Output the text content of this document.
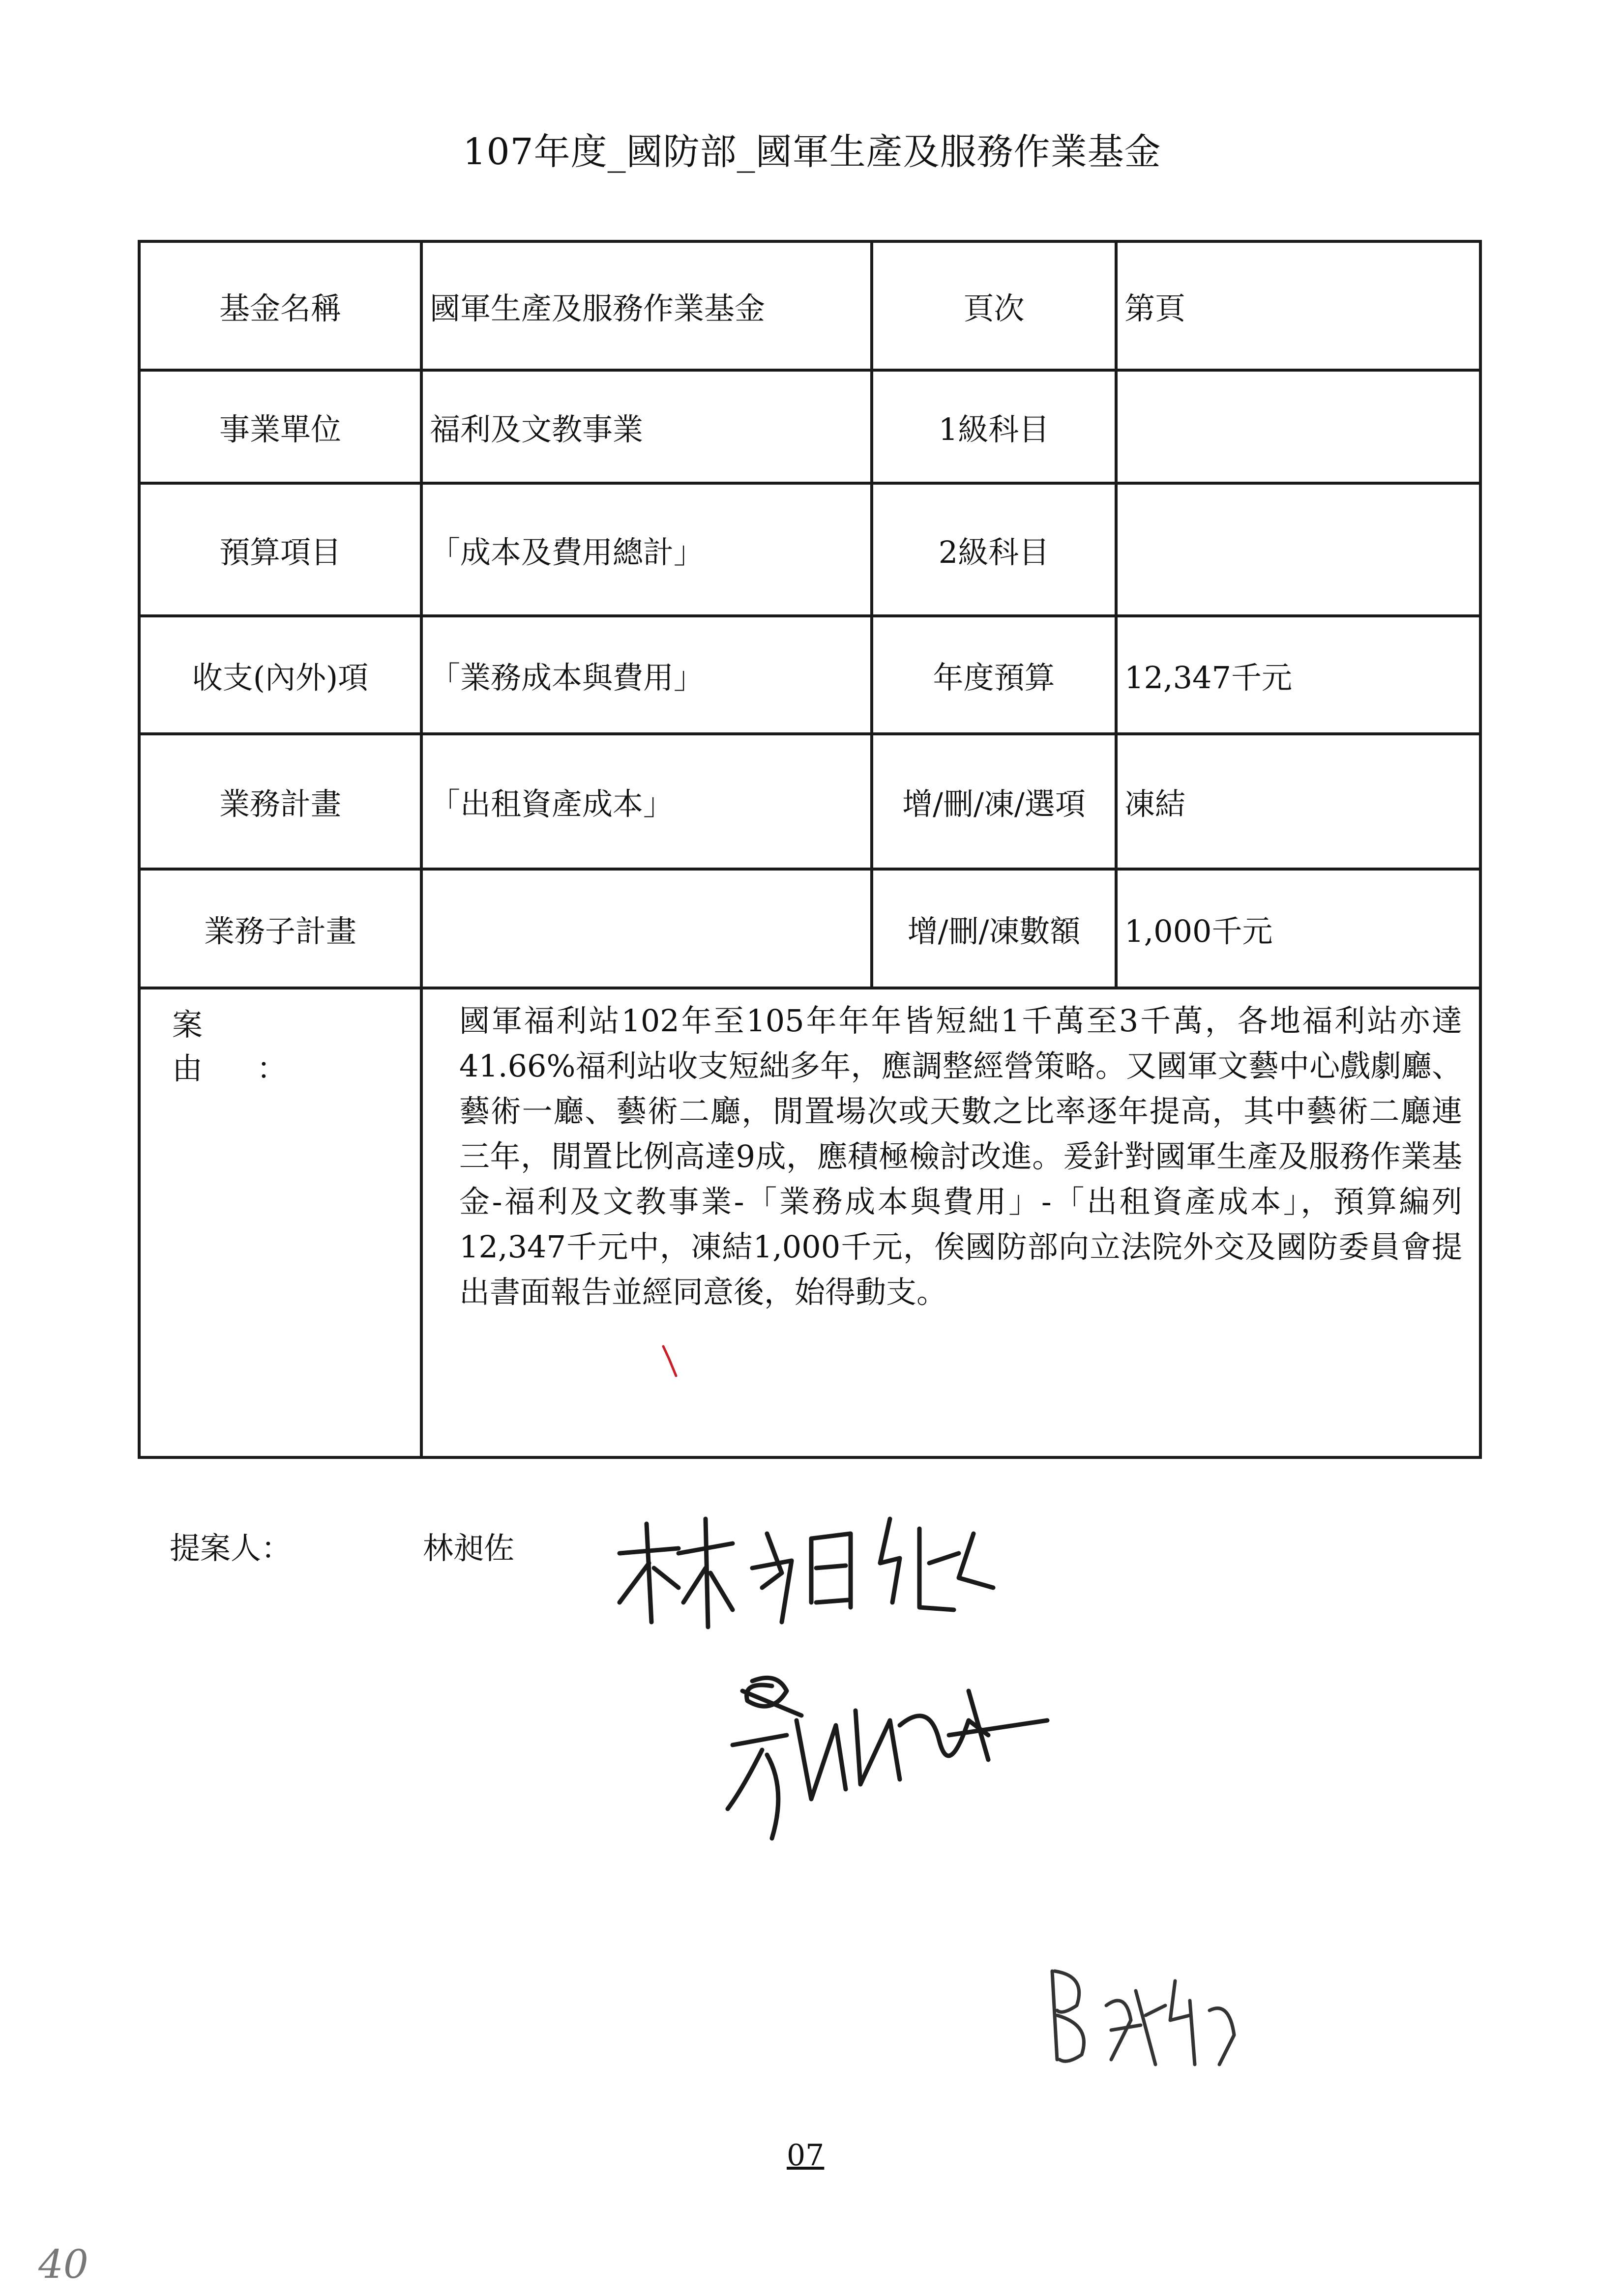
107年度_國防部_國軍生產及服務作業基金
基金名稱	國軍生產及服務作業基金	頁次	第頁
事業單位	福利及文教事業	1級科目	
預算項目	「成本及費用總計」	2級科目	
收支(內外)項	「業務成本與費用」	年度預算	12,347千元
業務計畫	「出租資產成本」	增/刪/凍/選項	凍結
業務子計畫		增/刪/凍數額	1,000千元

案由：	國軍福利站102年至105年年年皆短絀1千萬至3千萬，各地福利站亦達41.66%福利站收支短絀多年，應調整經營策略。又國軍文藝中心戲劇廳、藝術一廳、藝術二廳，閒置場次或天數之比率逐年提高，其中藝術二廳連三年，閒置比例高達9成，應積極檢討改進。爰針對國軍生產及服務作業基金-福利及文教事業-「業務成本與費用」-「出租資產成本」，預算編列12,347千元中，凍結1,000千元，俟國防部向立法院外交及國防委員會提出書面報告並經同意後，始得動支。		
提案人：	林昶佐
07
40
